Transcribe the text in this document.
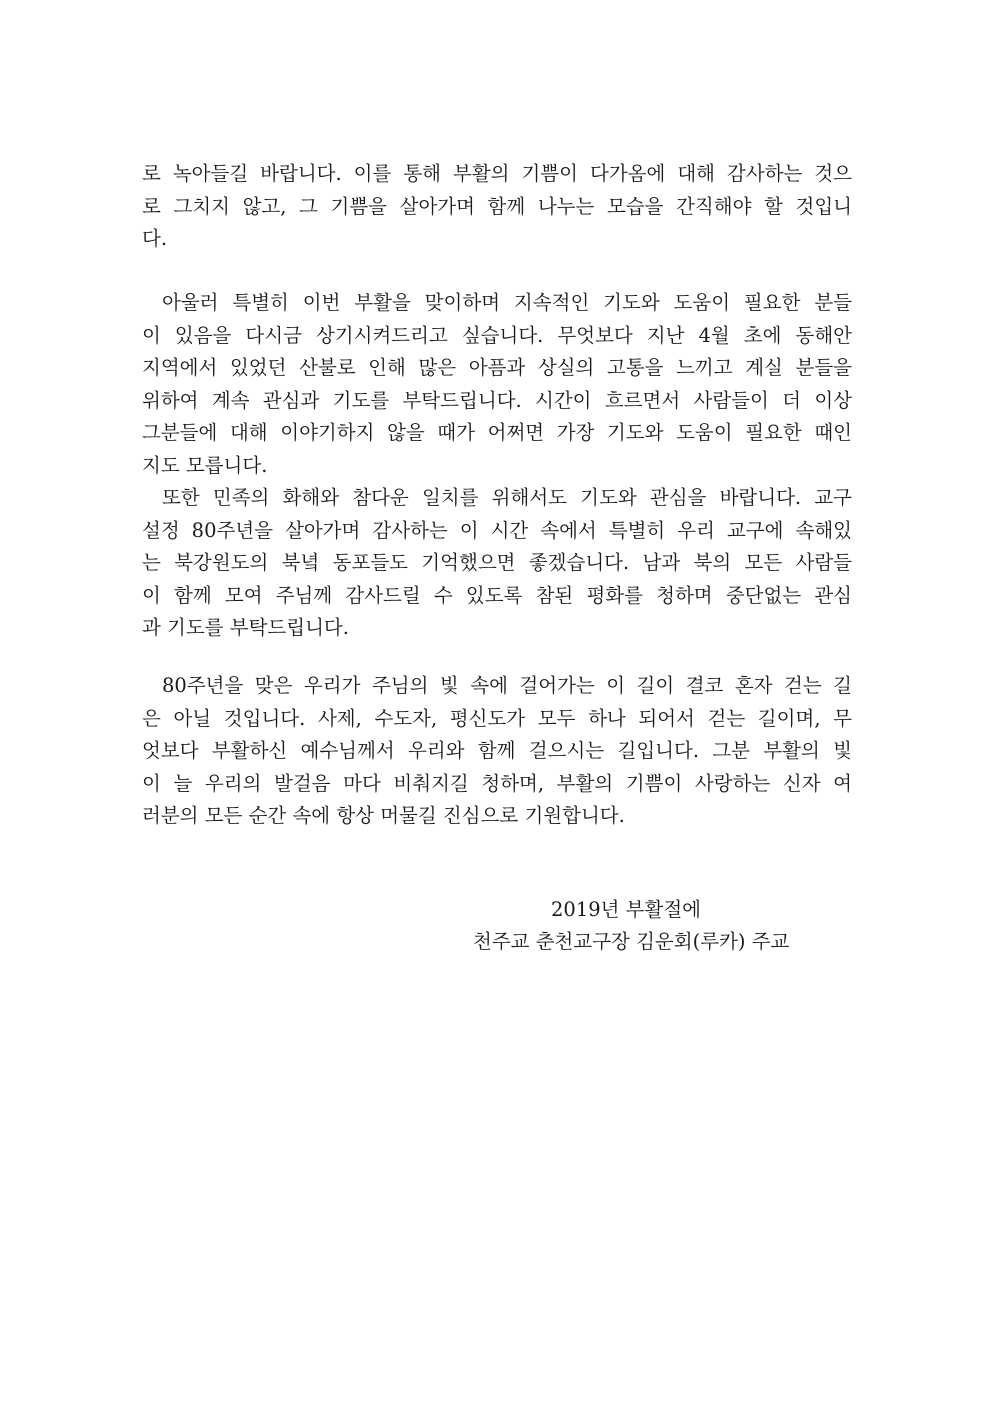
로 녹아들길 바랍니다. 이를 통해 부활의 기쁨이 다가옴에 대해 감사하는 것으
로 그치지 않고, 그 기쁨을 살아가며 함께 나누는 모습을 간직해야 할 것입니
다.
아울러 특별히 이번 부활을 맞이하며 지속적인 기도와 도움이 필요한 분들
이 있음을 다시금 상기시켜드리고 싶습니다. 무엇보다 지난 4월 초에 동해안
지역에서 있었던 산불로 인해 많은 아픔과 상실의 고통을 느끼고 계실 분들을
위하여 계속 관심과 기도를 부탁드립니다. 시간이 흐르면서 사람들이 더 이상
그분들에 대해 이야기하지 않을 때가 어쩌면 가장 기도와 도움이 필요한 때인
지도 모릅니다.
또한 민족의 화해와 참다운 일치를 위해서도 기도와 관심을 바랍니다. 교구
설정 80주년을 살아가며 감사하는 이 시간 속에서 특별히 우리 교구에 속해있
는 북강원도의 북녘 동포들도 기억했으면 좋겠습니다. 남과 북의 모든 사람들
이 함께 모여 주님께 감사드릴 수 있도록 참된 평화를 청하며 중단없는 관심
과 기도를 부탁드립니다.
80주년을 맞은 우리가 주님의 빛 속에 걸어가는 이 길이 결코 혼자 걷는 길
은 아닐 것입니다. 사제, 수도자, 평신도가 모두 하나 되어서 걷는 길이며, 무
엇보다 부활하신 예수님께서 우리와 함께 걸으시는 길입니다. 그분 부활의 빛
이 늘 우리의 발걸음 마다 비춰지길 청하며, 부활의 기쁨이 사랑하는 신자 여
러분의 모든 순간 속에 항상 머물길 진심으로 기원합니다.
2019년 부활절에
천주교 춘천교구장 김운회(루카) 주교
